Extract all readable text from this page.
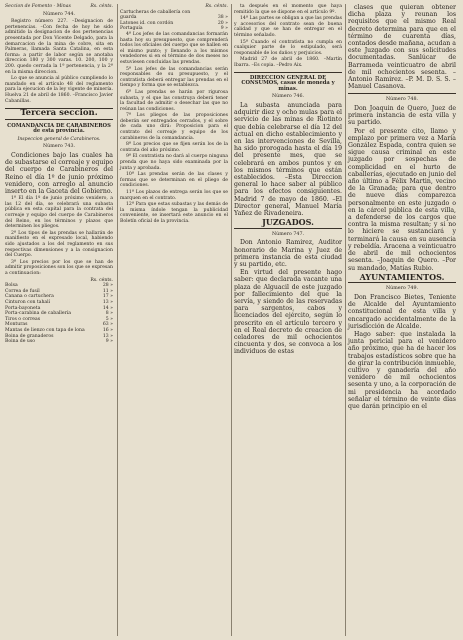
Seccion de Fomento - Minas	Rs. cénts.
Número 744.

Registro número 227. –Designacion de pertenencias. –Con fecha de hoy he sido admitido la designacion de dos pertenencias presentada por Don Vicente Delgado, para la demarcacion de la mina de cobre, sita en Palmeras, llamada Santa Catalina, en esta forma: a partir de labor según se anotaba direccion 180 y 300 varas. 10. 200, 100 y 200. quedo cerrada la 1ª pertenencia, y la 2ª en la misma direccion.

Lo que se anuncia al público cumpliendo lo mandado en el artículo 48 del reglamento para la ejecucion de la ley vigente de minería. Huelva 21 de abril de 1860. –Francisco Javier Cabanillas.

Tercera seccion.
COMANDANCIA DE CARABINEROS de esta provincia.
Inspeccion general de Carabineros.
Número 743.

Condiciones bajo las cuales ha de subastarse el correaje y equipo del cuerpo de Carabineros del Reino el día 1º de junio próximo venidero, con arreglo al anuncio inserto en la Gaceta del Gobierno.

1ª El día 1º de junio próximo venidero, a las 12 del día, se celebrará una subasta pública en esta capital para la contrata del correaje y equipo del cuerpo de Carabineros del Reino, en los términos y plazos que determinen los pliegos.

2ª Los tipos de las prendas se hallarán de manifiesto en el expresado local, habiendo sido ajustados a los del reglamento en sus respectivas dimensiones y a la consignacion del Cuerpo.

3ª Los precios por los que se han de admitir proposiciones son los que se expresan a continuacion:

Rs. cénts.
Bolsa	28 »
Correa de fusil	11 »
Canana o cartuchera	17 »
Cinturon con tahalí	13 »
Porta-bayoneta	14 »
Porta-carabina de caballería	8 »
Tiros o correas	5 »
Monturas	63 »
Mantas de lienzo con tapa de lona	16 »
Boina de granaderos	13 »
Boina de uso	9 »
Rs. cénts.
Cartucheras de caballería con
guarda	38 »
Latones id. con cordón	20 »
Portaguía	9 »

4ª Los jefes de las comandancias formarán hasta hoy su presupuesto, que comprenderá todos los oficiales del cuerpo que se hallen en el mismo punto; y llenando a los mismos vendedores si en el término de dos meses no estuviesen concluidas las prendas.

5ª Los jefes de las comandancias serán responsables de su presupuesto, y el contratista deberá entregar las prendas en el tiempo y forma que se establezca.

6ª Las prendas se harán por rigurosa subasta, y el que las construya deberá tener la facultad de admitir o desechar las que no reúnan las condiciones.

7ª Los pliegos de las proposiciones deberán ser entregados cerrados, y el sobre de cada uno dirá: Proposicion para el contrato del correaje y equipo de los carabineros de la comandancia.

8ª Los precios que se fijen serán los de la contrata del año próximo.

9ª El contratista no dará al cuerpo ninguna prenda que no haya sido examinada por la junta y aprobada.

10ª Las prendas serán de las clases y formas que se determinan en el pliego de condiciones.

11ª Los plazos de entrega serán los que se marquen en el contrato.

12ª Para que estas subastas y las demás de la misma índole tengan la publicidad conveniente, se insertará este anuncio en el Boletín oficial de la provincia.

ta después en el momento que haya remitido la que se dispone en el artículo 9º.

14ª Las partes se obligan a que las prendas y accesorios del contrato sean de buena calidad y que se han de entregar en el término señalado.

15ª Cuando el contratista no cumpla en cualquier parte de lo estipulado, será responsable de los daños y perjuicios.

Madrid 27 de abril de 1860. –Martín Ibarra. –Es copia. –Pedro Aix.

DIRECCION GENERAL DE CONSUMOS, casas de moneda y minas.
Número 746.

La subasta anunciada para adquirir diez y ocho mulas para el servicio de las minas de Riotinto que debía celebrarse el día 12 del actual en dicho establecimiento y en las intervenciones de Sevilla, ha sido prorogada hasta el día 19 del presente mes, que se celebrará en ambos puntos y en los mismos términos que están establecidos. –Esta Direccion general lo hace saber al público para los efectos consiguientes. Madrid 7 de mayo de 1860. –El Director general, Manuel María Yañez de Rivadeneira.

JUZGADOS.
Número 747.

Don Antonio Ramirez, Auditor honorario de Marina y Juez de primera instancia de esta ciudad y su partido, etc.

En virtud del presente hago saber: que declarada vacante una plaza de Alguacil de este juzgado por fallecimiento del que la servía, y siendo de las reservadas para sargentos, cabos y licenciados del ejército, según lo prescrito en el artículo tercero y en el Real decreto de creacion de celadores de mil ochocientos cincuenta y dos, se convoca a los individuos de estas

clases que quieran obtener dicha plaza y reunan los requisitos que el mismo Real decreto determina para que en el término de cuarenta días, contados desde mañana, acudan a este Juzgado con sus solicitudes documentadas. Sanlúcar de Barrameda veinticuatro de abril de mil ochocientos sesenta. –Antonio Ramirez. –P. M. D. S. S. –Manuel Casanova.

Número 748.

Don Joaquin de Quero, Juez de primera instancia de esta villa y su partido.

Por el presente cito, llamo y emplazo por primera vez a María González Espada, contra quien se sigue causa criminal en este juzgado por sospechas de complicidad en el hurto de caballerías, ejecutado en junio del año último a Félix Martin, vecino de la Granada; para que dentro de nueve días comparezca personalmente en este juzgado o en la cárcel pública de esta villa, a defenderse de los cargos que contra la misma resultan; y si no lo hiciere se sustanciará y terminará la causa en su ausencia y rebeldía. Aracena a veinticuatro de abril de mil ochocientos sesenta. –Joaquin de Quero. –Por su mandado, Matías Rubio.

AYUNTAMIENTOS.
Número 749.

Don Francisco Bietes, Teniente de Alcalde del Ayuntamiento constitucional de esta villa y encargado accidentalmente de la jurisdicción de Alcalde.

Hago saber: que instalada la junta pericial para el venidero año próximo, que ha de hacer los trabajos estadísticos sobre que ha de girar la contribución inmueble, cultivo y ganadería del año venidero de mil ochocientos sesenta y uno, a la corporación de mi presidencia ha acordado señalar el término de veinte días que darán principio en el
